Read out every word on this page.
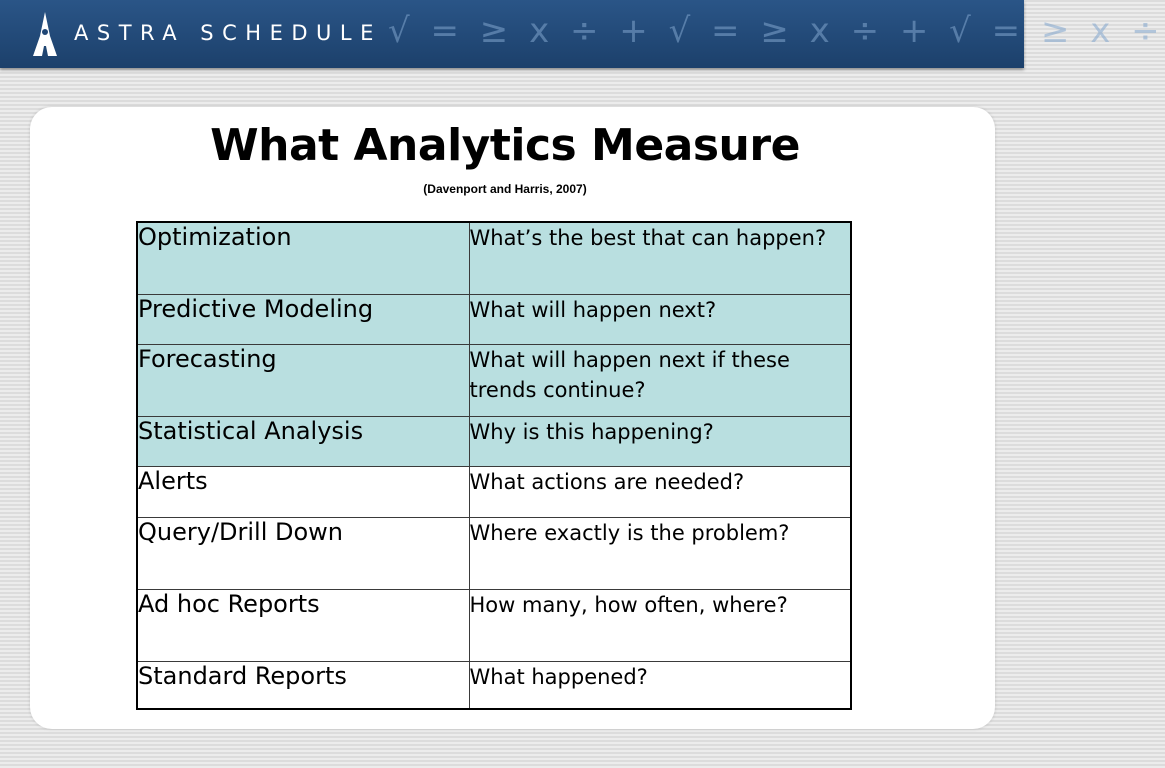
ASTRA SCHEDULE √ = ≥ x ÷ + √ = ≥ x ÷ + √ = ≥ x ÷
What Analytics Measure
(Davenport and Harris, 2007)
Optimization	What’s the best that can happen?
Predictive Modeling	What will happen next?
Forecasting	What will happen next if these trends continue?
Statistical Analysis	Why is this happening?
Alerts	What actions are needed?
Query/Drill Down	Where exactly is the problem?
Ad hoc Reports	How many, how often, where?
Standard Reports	What happened?
